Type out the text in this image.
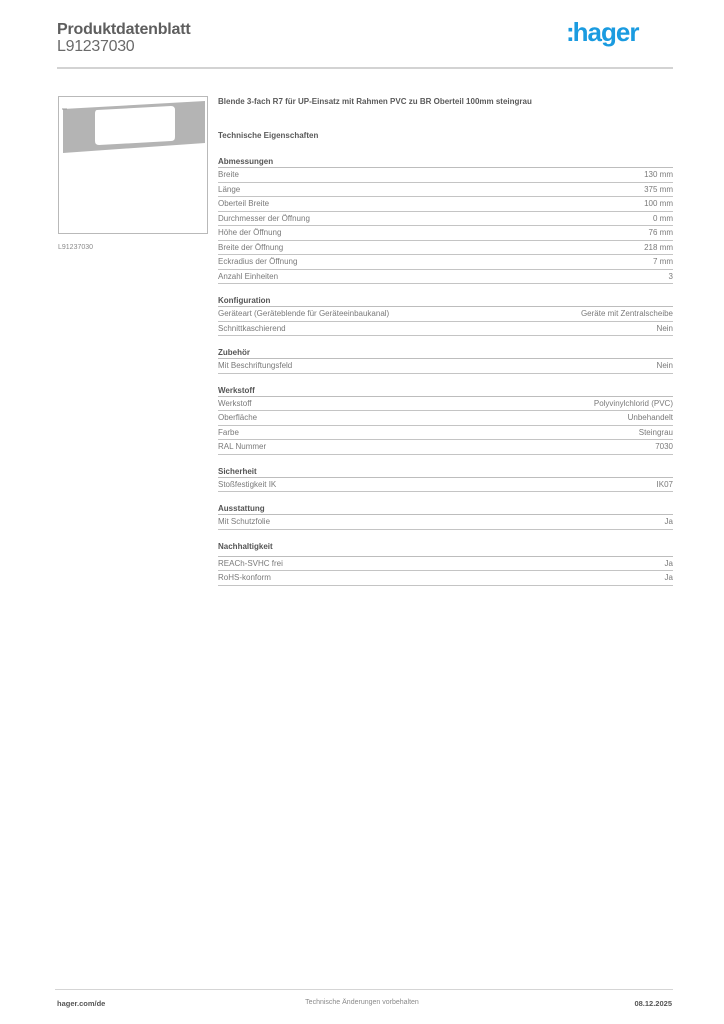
Produktdatenblatt
L91237030	:hager
L91237030
Blende 3-fach R7 für UP-Einsatz mit Rahmen PVC zu BR Oberteil 100mm steingrau
Technische Eigenschaften
Abmessungen
Breite	130 mm
Länge	375 mm
Oberteil Breite	100 mm
Durchmesser der Öffnung	0 mm
Höhe der Öffnung	76 mm
Breite der Öffnung	218 mm
Eckradius der Öffnung	7 mm
Anzahl Einheiten	3
Konfiguration
Geräteart (Geräteblende für Geräteeinbaukanal)	Geräte mit Zentralscheibe
Schnittkaschierend	Nein
Zubehör
Mit Beschriftungsfeld	Nein
Werkstoff
Werkstoff	Polyvinylchlorid (PVC)
Oberfläche	Unbehandelt
Farbe	Steingrau
RAL Nummer	7030
Sicherheit
Stoßfestigkeit IK	IK07
Ausstattung
Mit Schutzfolie	Ja
Nachhaltigkeit
REACh-SVHC frei	Ja
RoHS-konform	Ja
hager.com/de	Technische Änderungen vorbehalten	08.12.2025
